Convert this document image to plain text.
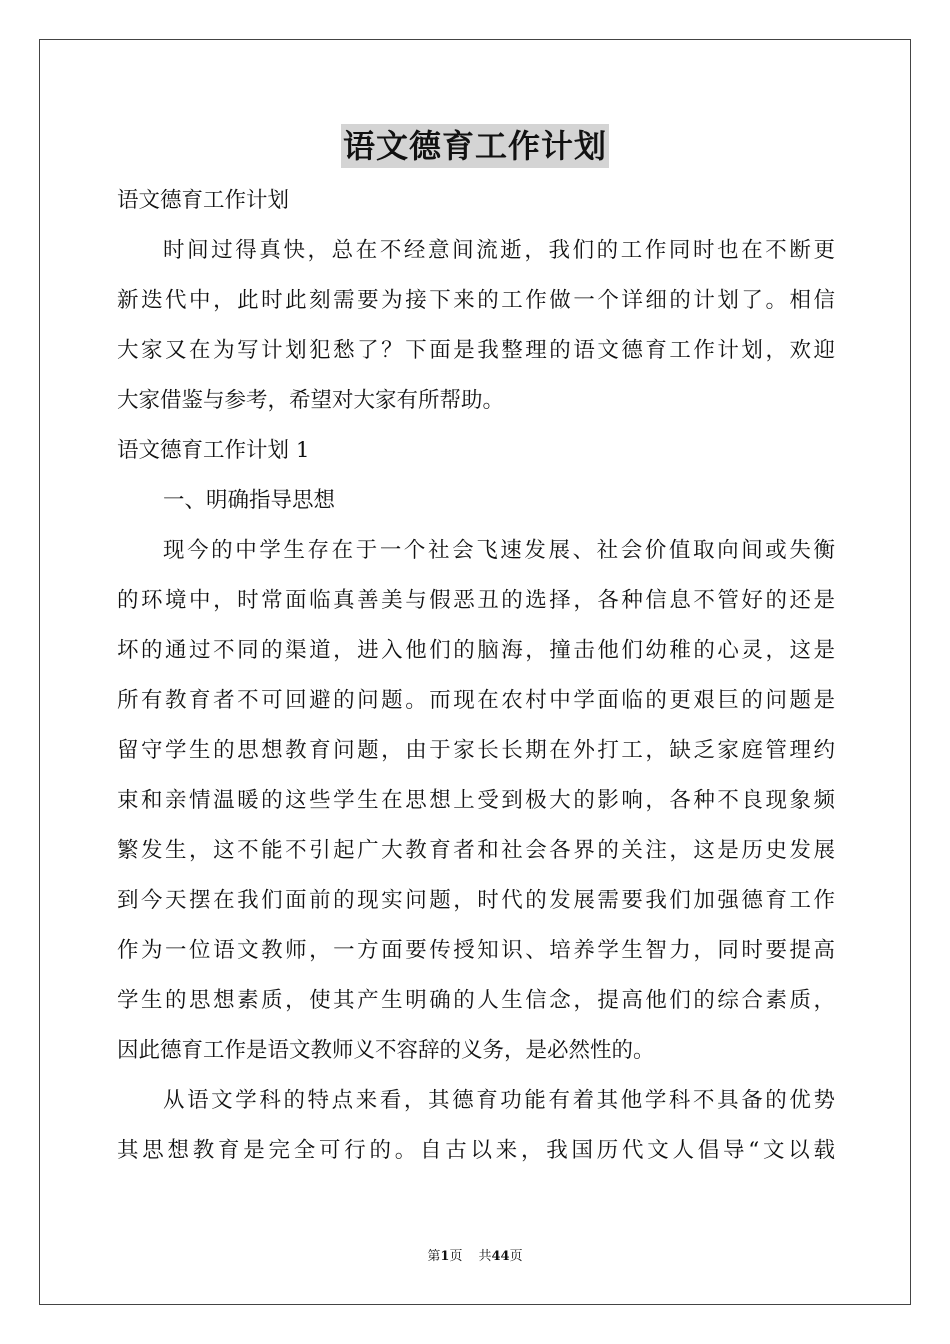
语文德育工作计划
语文德育工作计划
时间过得真快，总在不经意间流逝，我们的工作同时也在不断更
新迭代中，此时此刻需要为接下来的工作做一个详细的计划了。相信
大家又在为写计划犯愁了？下面是我整理的语文德育工作计划，欢迎
大家借鉴与参考，希望对大家有所帮助。
语文德育工作计划 1
一、明确指导思想
现今的中学生存在于一个社会飞速发展、社会价值取向间或失衡
的环境中，时常面临真善美与假恶丑的选择，各种信息不管好的还是
坏的通过不同的渠道，进入他们的脑海，撞击他们幼稚的心灵，这是
所有教育者不可回避的问题。而现在农村中学面临的更艰巨的问题是
留守学生的思想教育问题，由于家长长期在外打工，缺乏家庭管理约
束和亲情温暖的这些学生在思想上受到极大的影响，各种不良现象频
繁发生，这不能不引起广大教育者和社会各界的关注，这是历史发展
到今天摆在我们面前的现实问题，时代的发展需要我们加强德育工作
作为一位语文教师，一方面要传授知识、培养学生智力，同时要提高
学生的思想素质，使其产生明确的人生信念，提高他们的综合素质，
因此德育工作是语文教师义不容辞的义务，是必然性的。
从语文学科的特点来看，其德育功能有着其他学科不具备的优势
其思想教育是完全可行的。自古以来，我国历代文人倡导“文以载
第1页 共44页
